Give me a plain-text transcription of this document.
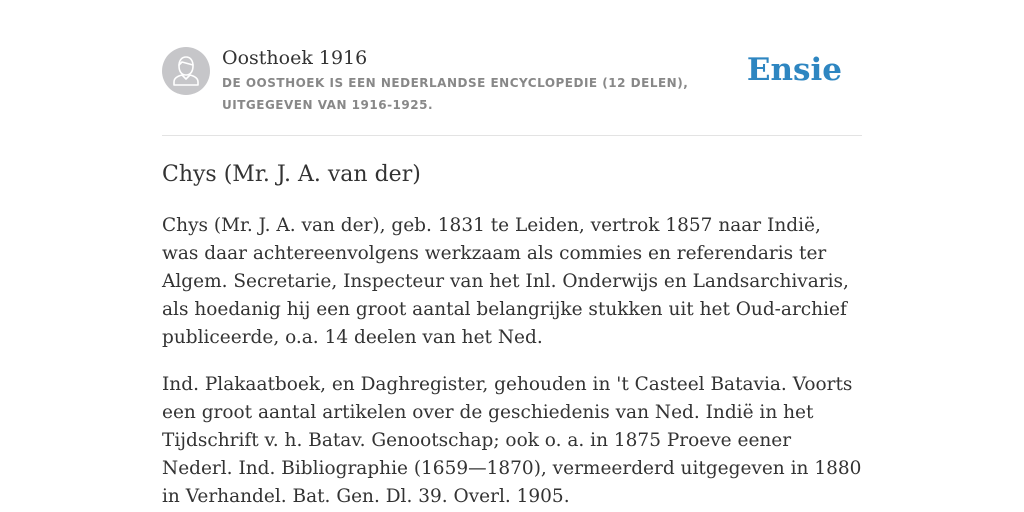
Oosthoek 1916
DE OOSTHOEK IS EEN NEDERLANDSE ENCYCLOPEDIE (12 DELEN), UITGEGEVEN VAN 1916-1925.
Ensie
Chys (Mr. J. A. van der)

Chys (Mr. J. A. van der), geb. 1831 te Leiden, vertrok 1857 naar Indië, was daar achtereenvolgens werkzaam als commies en referendaris ter Algem. Secretarie, Inspecteur van het Inl. Onderwijs en Landsarchivaris, als hoedanig hij een groot aantal belangrijke stukken uit het Oud-archief publiceerde, o.a. 14 deelen van het Ned.

Ind. Plakaatboek, en Daghregister, gehouden in 't Casteel Batavia. Voorts een groot aantal artikelen over de geschiedenis van Ned. Indië in het Tijdschrift v. h. Batav. Genootschap; ook o. a. in 1875 Proeve eener Nederl. Ind. Bibliographie (1659—1870), vermeerderd uitgegeven in 1880 in Verhandel. Bat. Gen. Dl. 39. Overl. 1905.
